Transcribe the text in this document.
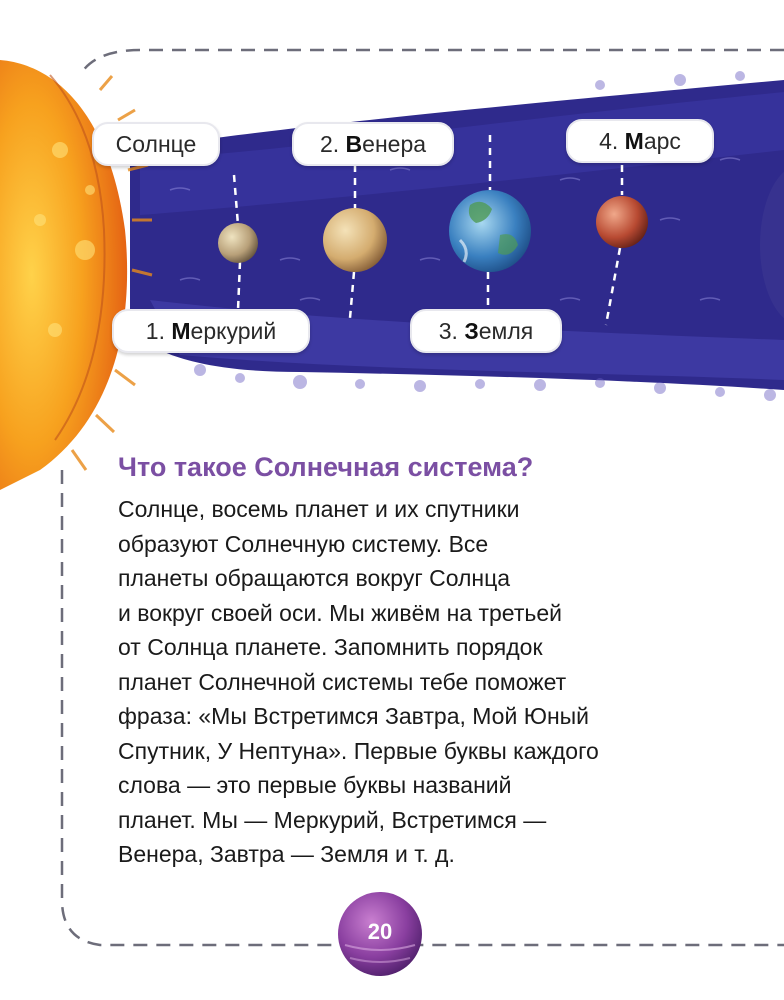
Солнце	2. Венера	4. Марс
1. Меркурий	3. Земля
Что такое Солнечная система?
Солнце, восемь планет и их спутники
образуют Солнечную систему. Все
планеты обращаются вокруг Солнца
и вокруг своей оси. Мы живём на третьей
от Солнца планете. Запомнить порядок
планет Солнечной системы тебе поможет
фраза: «Мы Встретимся Завтра, Мой Юный
Спутник, У Нептуна». Первые буквы каждого
слова — это первые буквы названий
планет. Мы — Меркурий, Встретимся —
Венера, Завтра — Земля и т. д.
20
